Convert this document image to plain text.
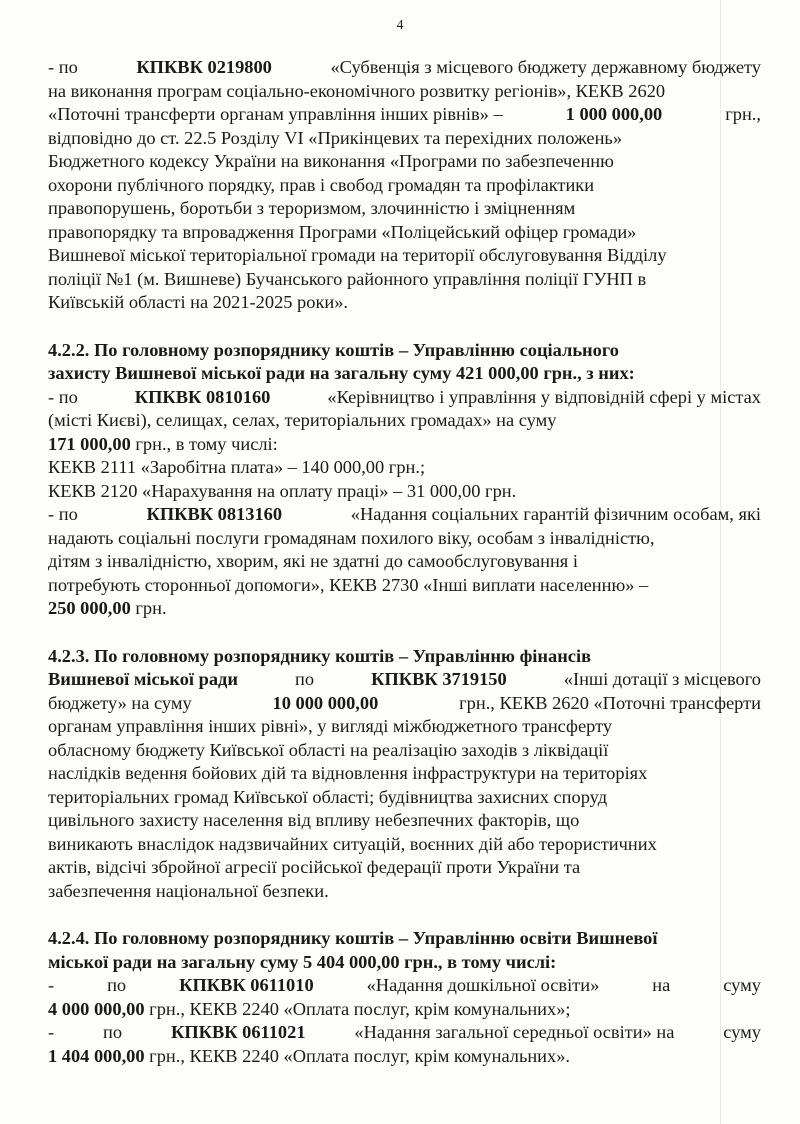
4
- по	КПКВК 0219800	«Субвенція з місцевого бюджету державному бюджету
на виконання програм соціально-економічного розвитку регіонів», КЕКВ 2620
«Поточні трансферти органам управління інших рівнів» –	1 000 000,00	грн.,
відповідно до ст. 22.5 Розділу VI «Прикінцевих та перехідних положень»
Бюджетного кодексу України на виконання «Програми по забезпеченню
охорони публічного порядку, прав і свобод громадян та профілактики
правопорушень, боротьби з тероризмом, злочинністю і зміцненням
правопорядку та впровадження Програми «Поліцейський офіцер громади»
Вишневої міської територіальної громади на території обслуговування Відділу
поліції №1 (м. Вишневе) Бучанського районного управління поліції ГУНП в
Київській області на 2021-2025 роки».
4.2.2. По головному розпоряднику коштів – Управлінню соціального
захисту Вишневої міської ради на загальну суму 421 000,00 грн., з них:
- по	КПКВК 0810160	«Керівництво і управління у відповідній сфері у містах
(місті Києві), селищах, селах, територіальних громадах» на суму
171 000,00 грн., в тому числі:
КЕКВ 2111 «Заробітна плата» – 140 000,00 грн.;
КЕКВ 2120 «Нарахування на оплату праці» – 31 000,00 грн.
- по	КПКВК 0813160	«Надання соціальних гарантій фізичним особам, які
надають соціальні послуги громадянам похилого віку, особам з інвалідністю,
дітям з інвалідністю, хворим, які не здатні до самообслуговування і
потребують сторонньої допомоги», КЕКВ 2730 «Інші виплати населенню» –
250 000,00 грн.
4.2.3. По головному розпоряднику коштів – Управлінню фінансів
Вишневої міської ради	по	КПКВК 3719150	«Інші дотації з місцевого
бюджету» на суму	10 000 000,00	грн., КЕКВ 2620 «Поточні трансферти
органам управління інших рівні», у вигляді міжбюджетного трансферту
обласному бюджету Київської області на реалізацію заходів з ліквідації
наслідків ведення бойових дій та відновлення інфраструктури на територіях
територіальних громад Київської області; будівництва захисних споруд
цивільного захисту населення від впливу небезпечних факторів, що
виникають внаслідок надзвичайних ситуацій, воєнних дій або терористичних
актів, відсічі збройної агресії російської федерації проти України та
забезпечення національної безпеки.
4.2.4. По головному розпоряднику коштів – Управлінню освіти Вишневої
міської ради на загальну суму 5 404 000,00 грн., в тому числі:
-	по	КПКВК 0611010	«Надання дошкільної освіти»	на	суму
4 000 000,00 грн., КЕКВ 2240 «Оплата послуг, крім комунальних»;
-	по	КПКВК 0611021	«Надання загальної середньої освіти» на	суму
1 404 000,00 грн., КЕКВ 2240 «Оплата послуг, крім комунальних».
